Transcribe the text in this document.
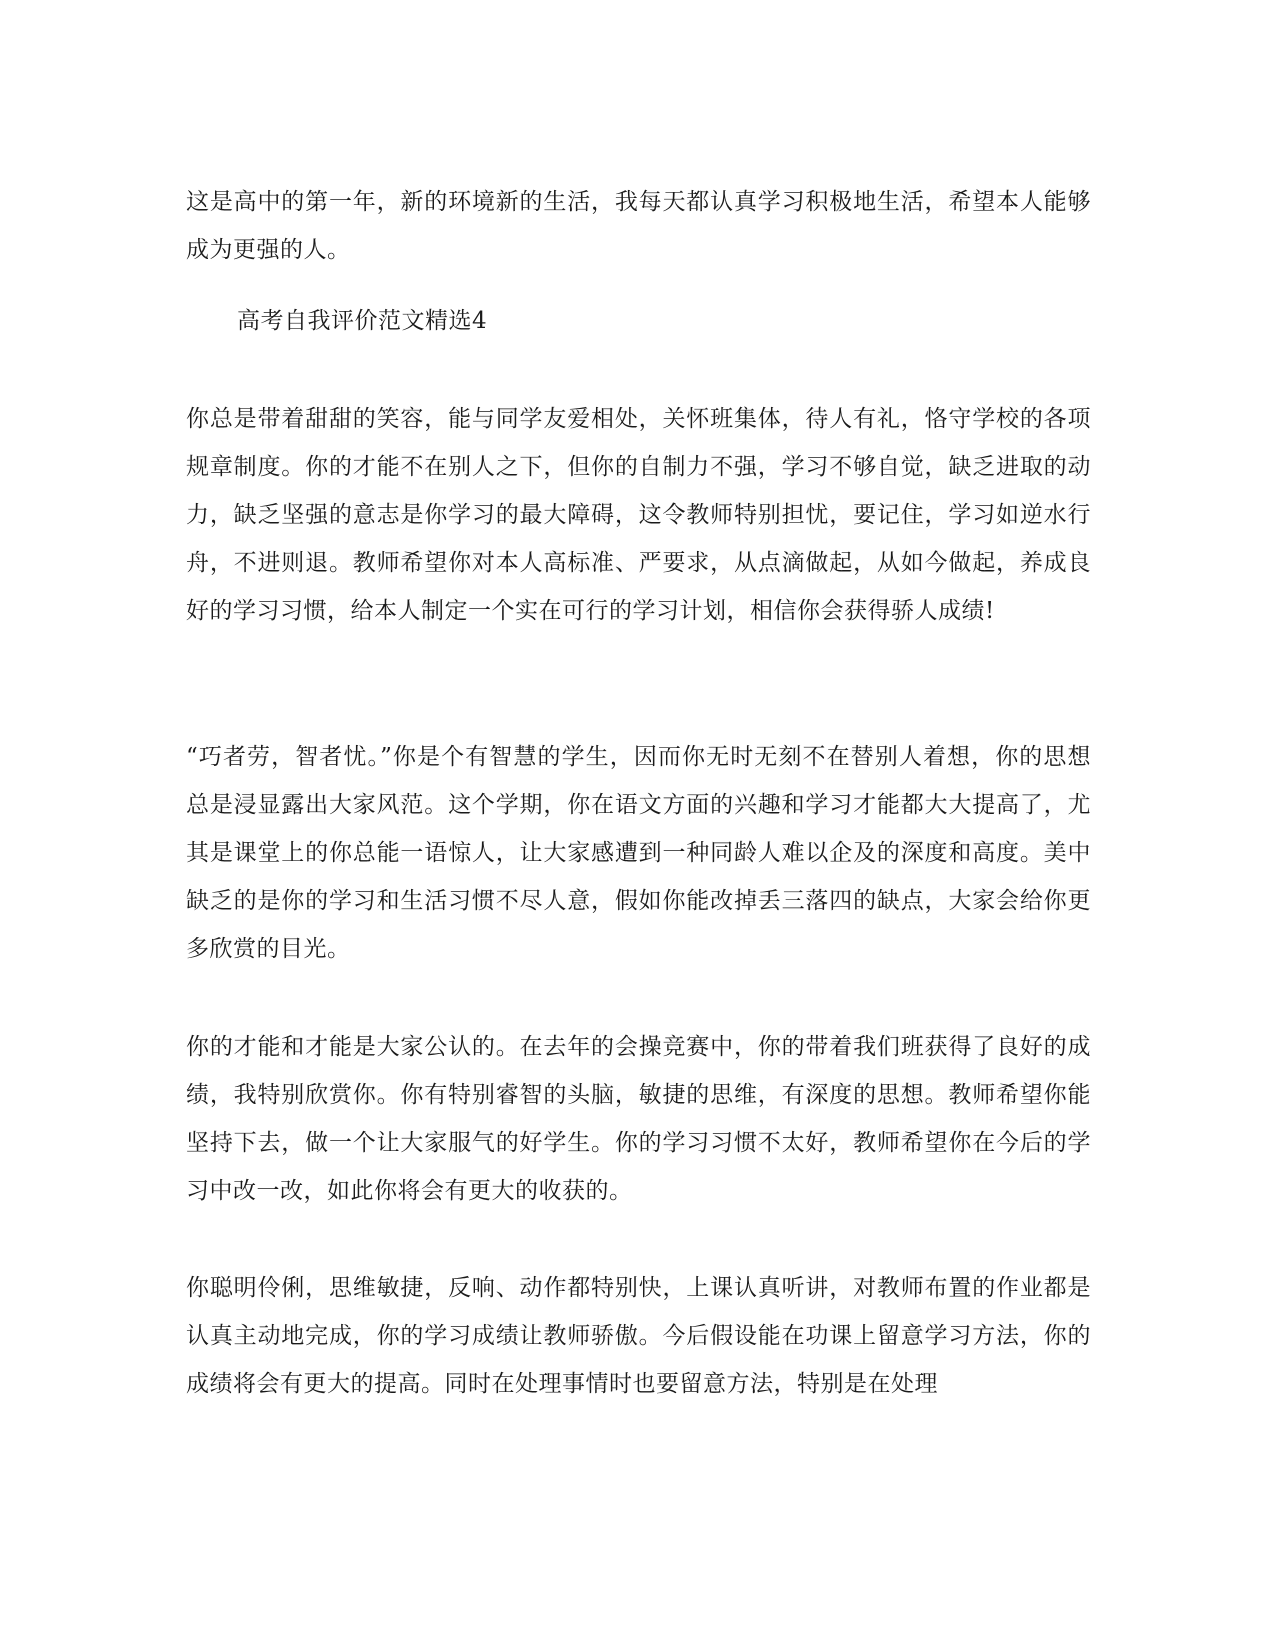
这是高中的第一年，新的环境新的生活，我每天都认真学习积极地生活，希望本人能够成为更强的人。
高考自我评价范文精选4
你总是带着甜甜的笑容，能与同学友爱相处，关怀班集体，待人有礼，恪守学校的各项规章制度。你的才能不在别人之下，但你的自制力不强，学习不够自觉，缺乏进取的动力，缺乏坚强的意志是你学习的最大障碍，这令教师特别担忧，要记住，学习如逆水行舟，不进则退。教师希望你对本人高标准、严要求，从点滴做起，从如今做起，养成良好的学习习惯，给本人制定一个实在可行的学习计划，相信你会获得骄人成绩!
“巧者劳，智者忧。”你是个有智慧的学生，因而你无时无刻不在替别人着想，你的思想总是浸显露出大家风范。这个学期，你在语文方面的兴趣和学习才能都大大提高了，尤其是课堂上的你总能一语惊人，让大家感遭到一种同龄人难以企及的深度和高度。美中缺乏的是你的学习和生活习惯不尽人意，假如你能改掉丢三落四的缺点，大家会给你更多欣赏的目光。
你的才能和才能是大家公认的。在去年的会操竞赛中，你的带着我们班获得了良好的成绩，我特别欣赏你。你有特别睿智的头脑，敏捷的思维，有深度的思想。教师希望你能坚持下去，做一个让大家服气的好学生。你的学习习惯不太好，教师希望你在今后的学习中改一改，如此你将会有更大的收获的。
你聪明伶俐，思维敏捷，反响、动作都特别快，上课认真听讲，对教师布置的作业都是认真主动地完成，你的学习成绩让教师骄傲。今后假设能在功课上留意学习方法，你的成绩将会有更大的提高。同时在处理事情时也要留意方法，特别是在处理
